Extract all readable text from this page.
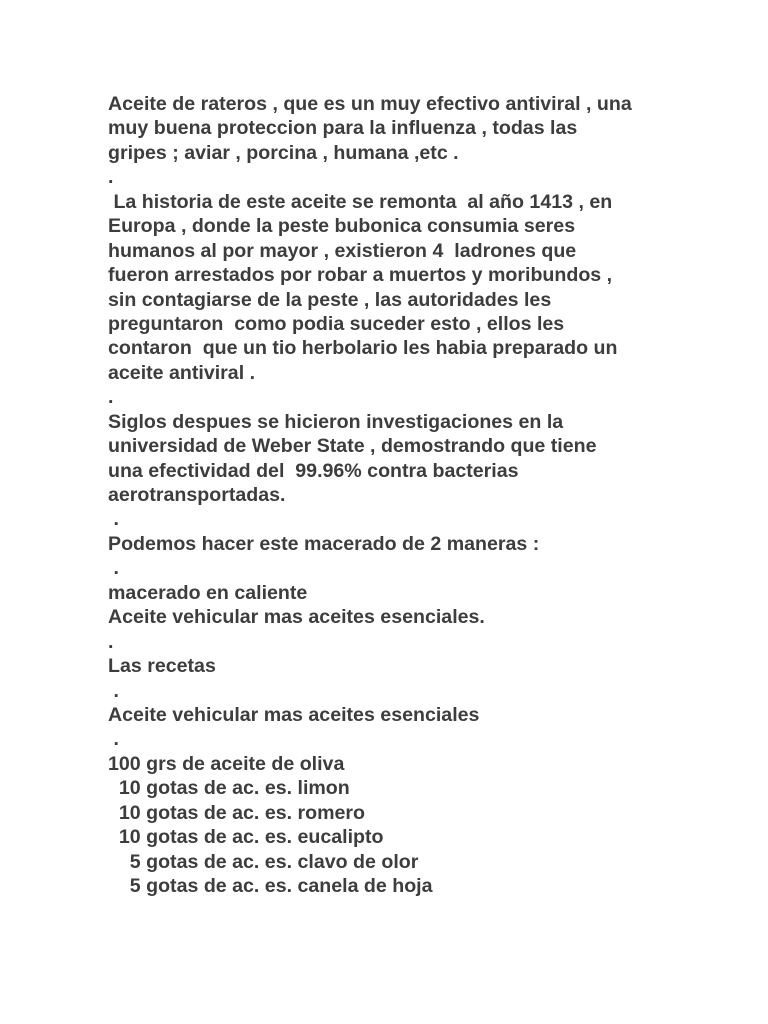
Aceite de rateros , que es un muy efectivo antiviral , una
muy buena proteccion para la influenza , todas las
gripes ; aviar , porcina , humana ,etc .
.
La historia de este aceite se remonta  al año 1413 , en
Europa , donde la peste bubonica consumia seres
humanos al por mayor , existieron 4  ladrones que
fueron arrestados por robar a muertos y moribundos ,
sin contagiarse de la peste , las autoridades les
preguntaron  como podia suceder esto , ellos les
contaron  que un tio herbolario les habia preparado un
aceite antiviral .
.
Siglos despues se hicieron investigaciones en la
universidad de Weber State , demostrando que tiene
una efectividad del  99.96% contra bacterias
aerotransportadas.
.
Podemos hacer este macerado de 2 maneras :
.
macerado en caliente
Aceite vehicular mas aceites esenciales.
.
Las recetas
.
Aceite vehicular mas aceites esenciales
.
100 grs de aceite de oliva
10 gotas de ac. es. limon
10 gotas de ac. es. romero
10 gotas de ac. es. eucalipto
5 gotas de ac. es. clavo de olor
5 gotas de ac. es. canela de hoja
